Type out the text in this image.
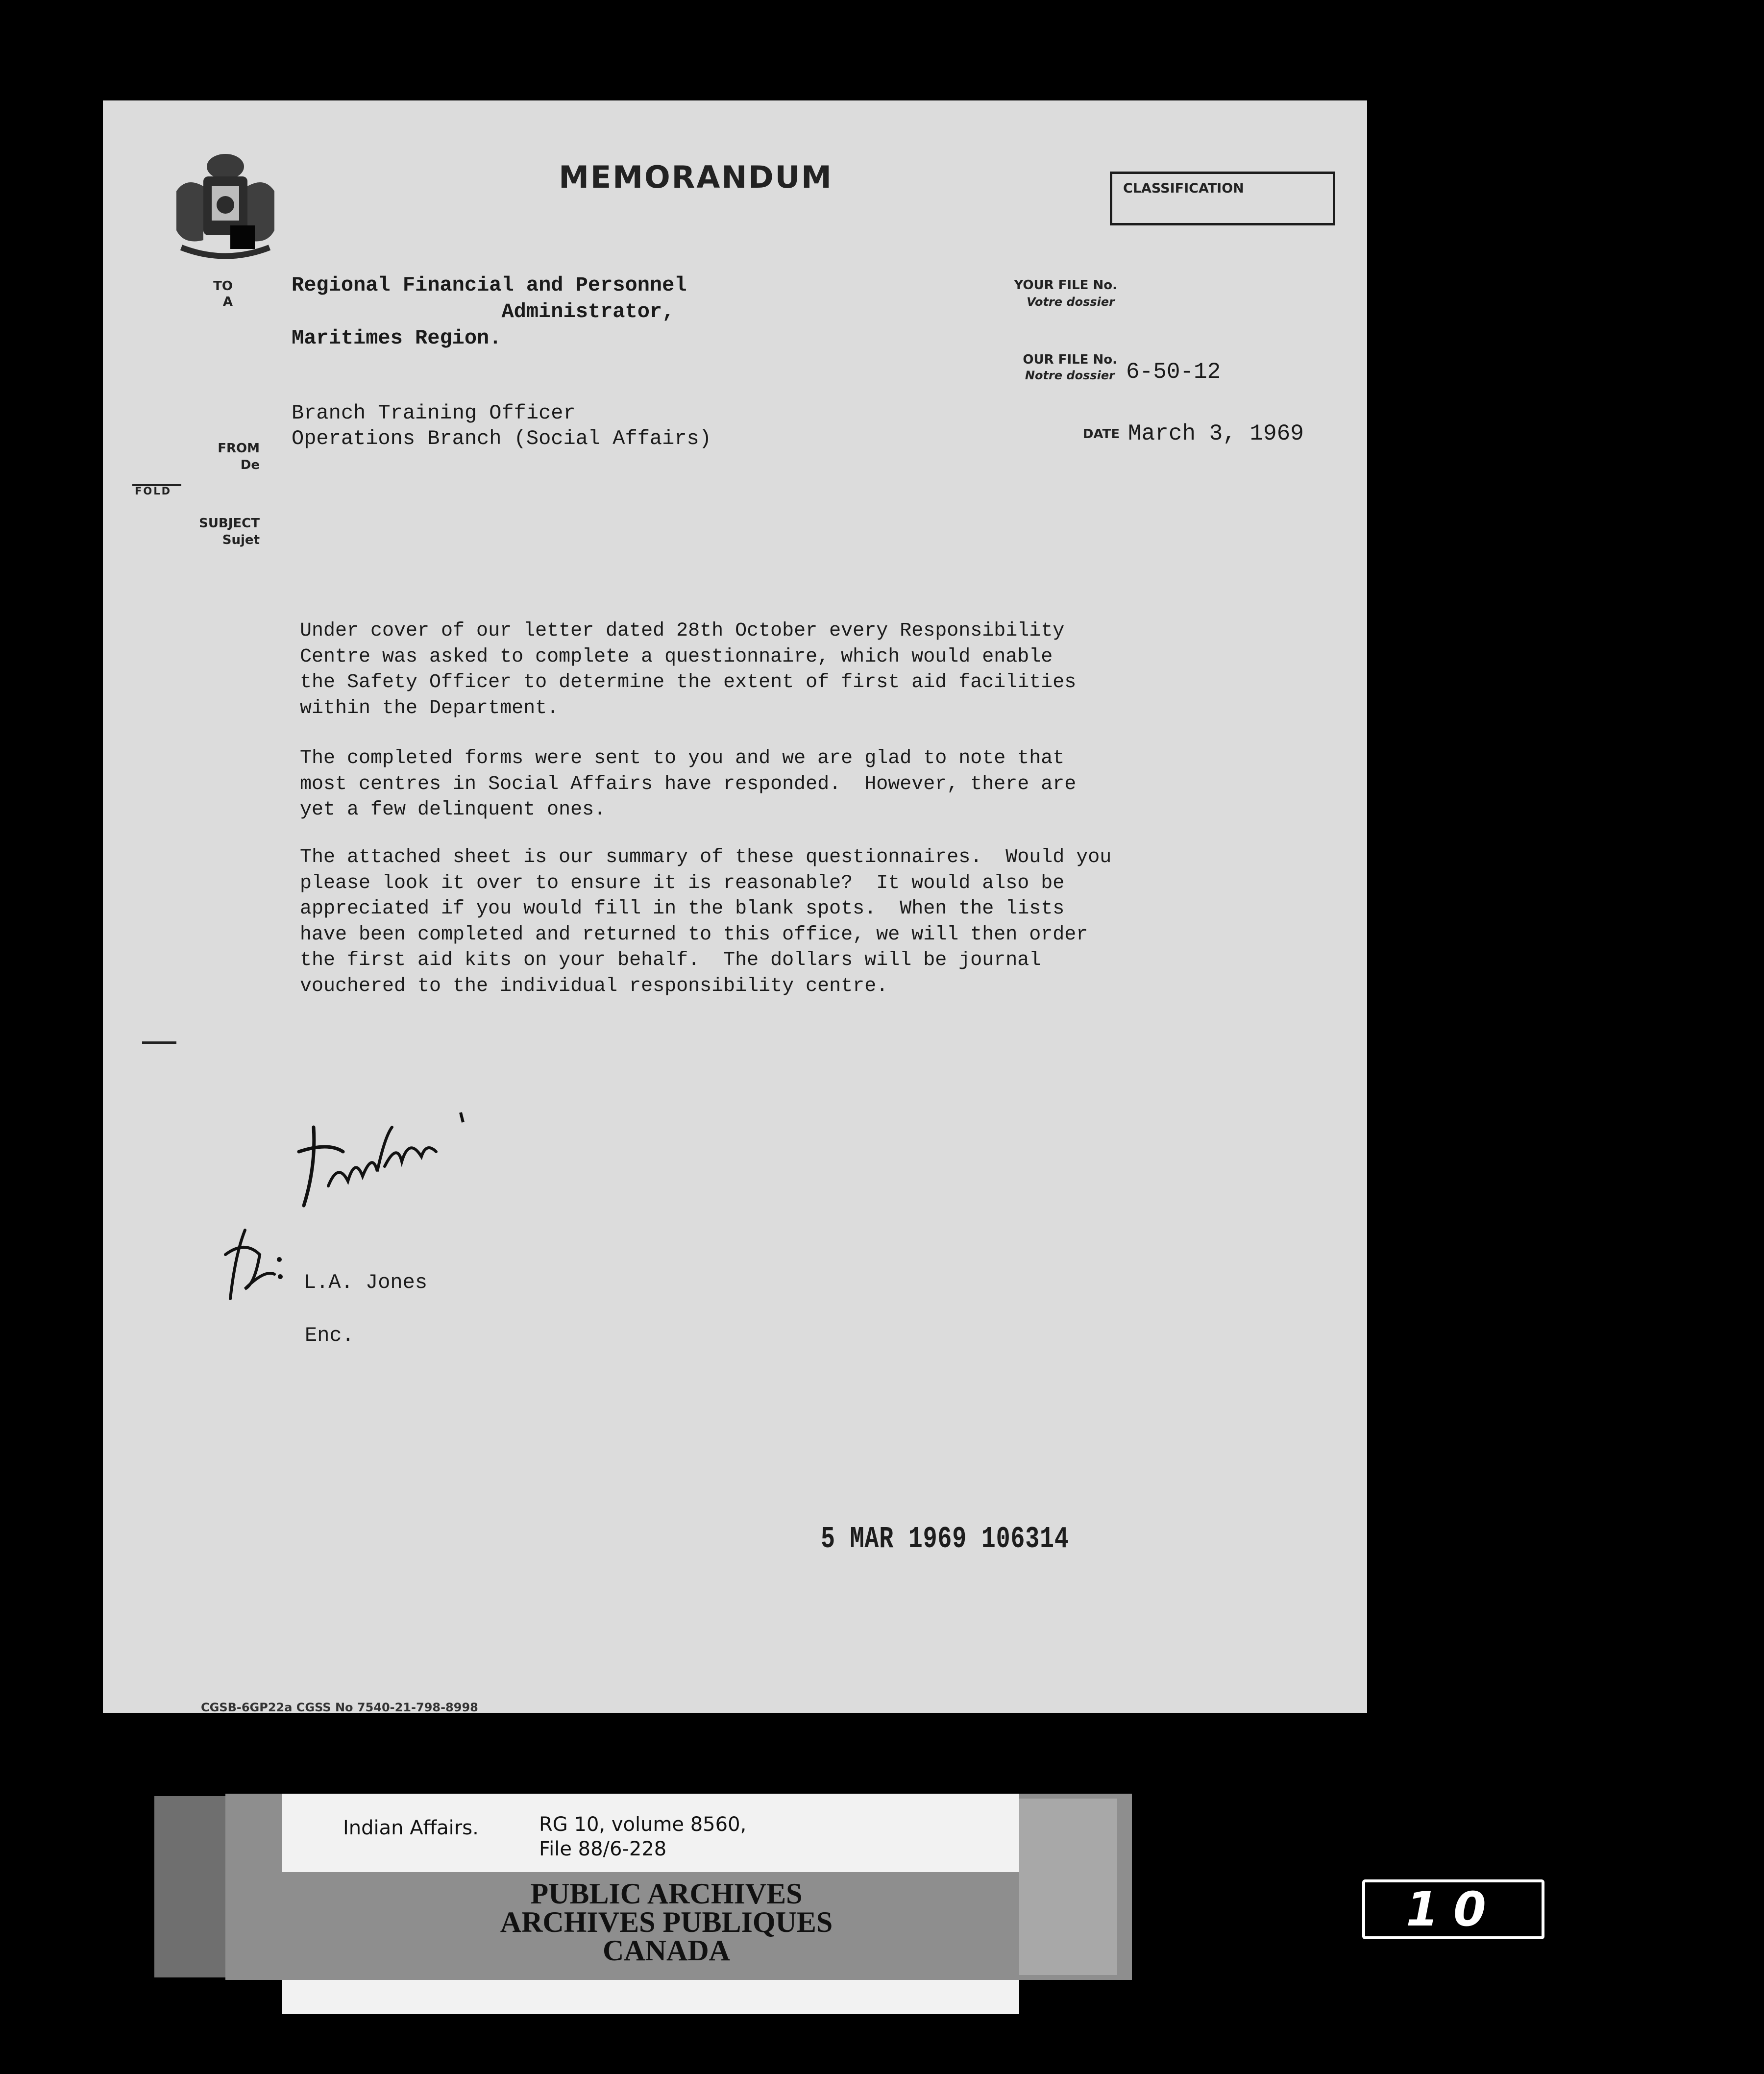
MEMORANDUM	CLASSIFICATION
TO
A
Regional Financial and Personnel
Administrator,
Maritimes Region.
YOUR FILE No.
Votre dossier
OUR FILE No.
Notre dossier 6-50-12
Branch Training Officer
Operations Branch (Social Affairs)
FROM
De
DATE March 3, 1969
FOLD
SUBJECT
Sujet
Under cover of our letter dated 28th October every Responsibility
Centre was asked to complete a questionnaire, which would enable
the Safety Officer to determine the extent of first aid facilities
within the Department.
The completed forms were sent to you and we are glad to note that
most centres in Social Affairs have responded.  However, there are
yet a few delinquent ones.
The attached sheet is our summary of these questionnaires.  Would you
please look it over to ensure it is reasonable?  It would also be
appreciated if you would fill in the blank spots.  When the lists
have been completed and returned to this office, we will then order
the first aid kits on your behalf.  The dollars will be journal
vouchered to the individual responsibility centre.
L.A. Jones
Enc.
5 MAR 1969 106314
CGSB-6GP22a CGSS No 7540-21-798-8998
Indian Affairs.	RG 10, volume 8560,
File 88/6-228
PUBLIC ARCHIVES
ARCHIVES PUBLIQUES
CANADA
10
